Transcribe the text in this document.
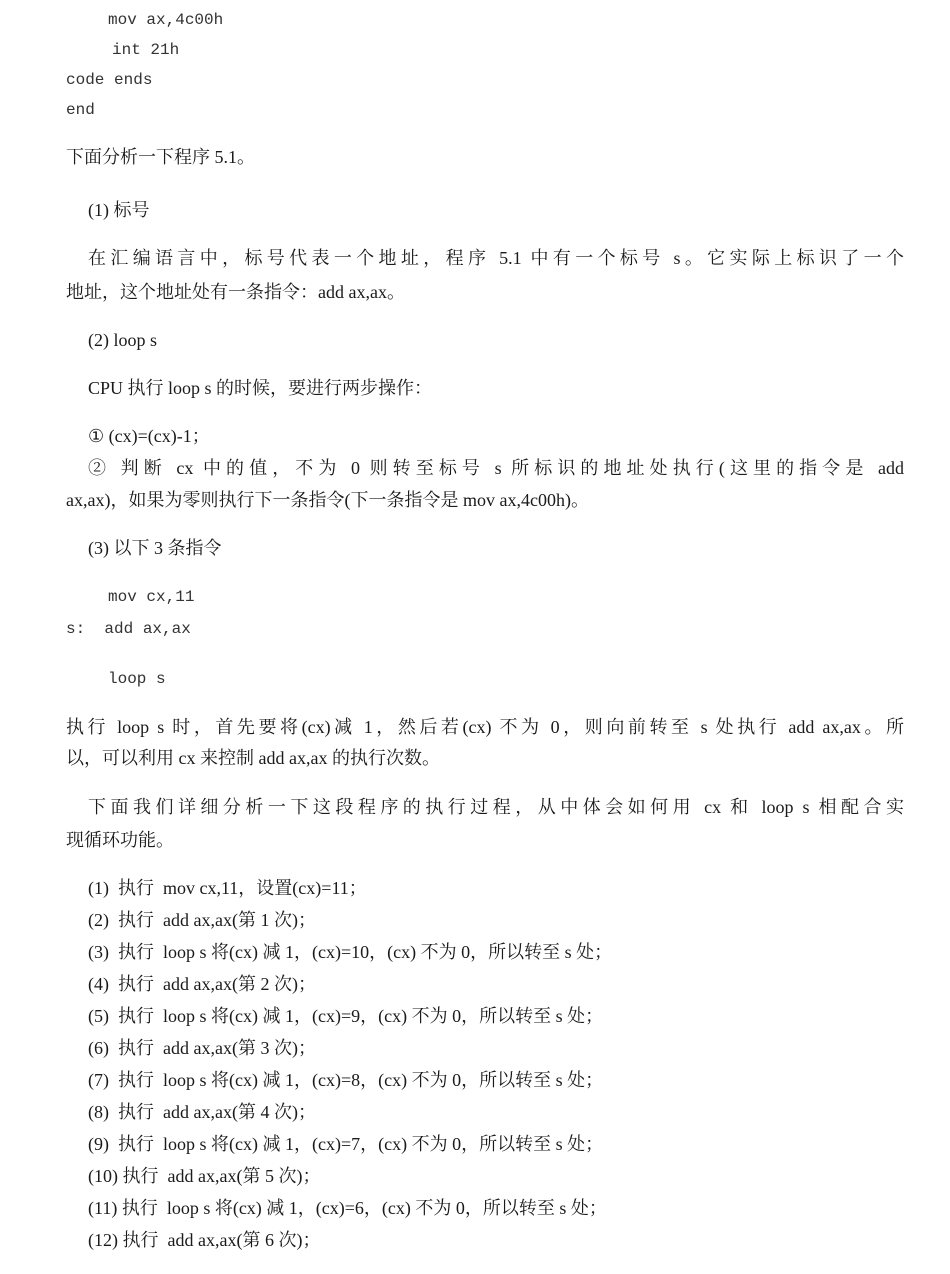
mov ax,4c00h
int 21h
code ends
end
下面分析一下程序 5.1。
(1) 标号
在汇编语言中，标号代表一个地址，程序 5.1 中有一个标号 s。它实际上标识了一个
地址，这个地址处有一条指令：add ax,ax。
(2) loop s
CPU 执行 loop s 的时候，要进行两步操作：
① (cx)=(cx)-1；
② 判断 cx 中的值，不为 0 则转至标号 s 所标识的地址处执行(这里的指令是 add
ax,ax)，如果为零则执行下一条指令(下一条指令是 mov ax,4c00h)。
(3) 以下 3 条指令
mov cx,11
s:  add ax,ax
loop s
执行 loop s 时，首先要将(cx)减 1，然后若(cx) 不为 0，则向前转至 s 处执行 add ax,ax。所
以，可以利用 cx 来控制 add ax,ax 的执行次数。
下面我们详细分析一下这段程序的执行过程，从中体会如何用 cx 和 loop s 相配合实
现循环功能。
(1)  执行  mov cx,11，设置(cx)=11；
(2)  执行  add ax,ax(第 1 次)；
(3)  执行  loop s 将(cx) 减 1，(cx)=10，(cx) 不为 0，所以转至 s 处；
(4)  执行  add ax,ax(第 2 次)；
(5)  执行  loop s 将(cx) 减 1，(cx)=9，(cx) 不为 0，所以转至 s 处；
(6)  执行  add ax,ax(第 3 次)；
(7)  执行  loop s 将(cx) 减 1，(cx)=8，(cx) 不为 0，所以转至 s 处；
(8)  执行  add ax,ax(第 4 次)；
(9)  执行  loop s 将(cx) 减 1，(cx)=7，(cx) 不为 0，所以转至 s 处；
(10) 执行  add ax,ax(第 5 次)；
(11) 执行  loop s 将(cx) 减 1，(cx)=6，(cx) 不为 0，所以转至 s 处；
(12) 执行  add ax,ax(第 6 次)；
